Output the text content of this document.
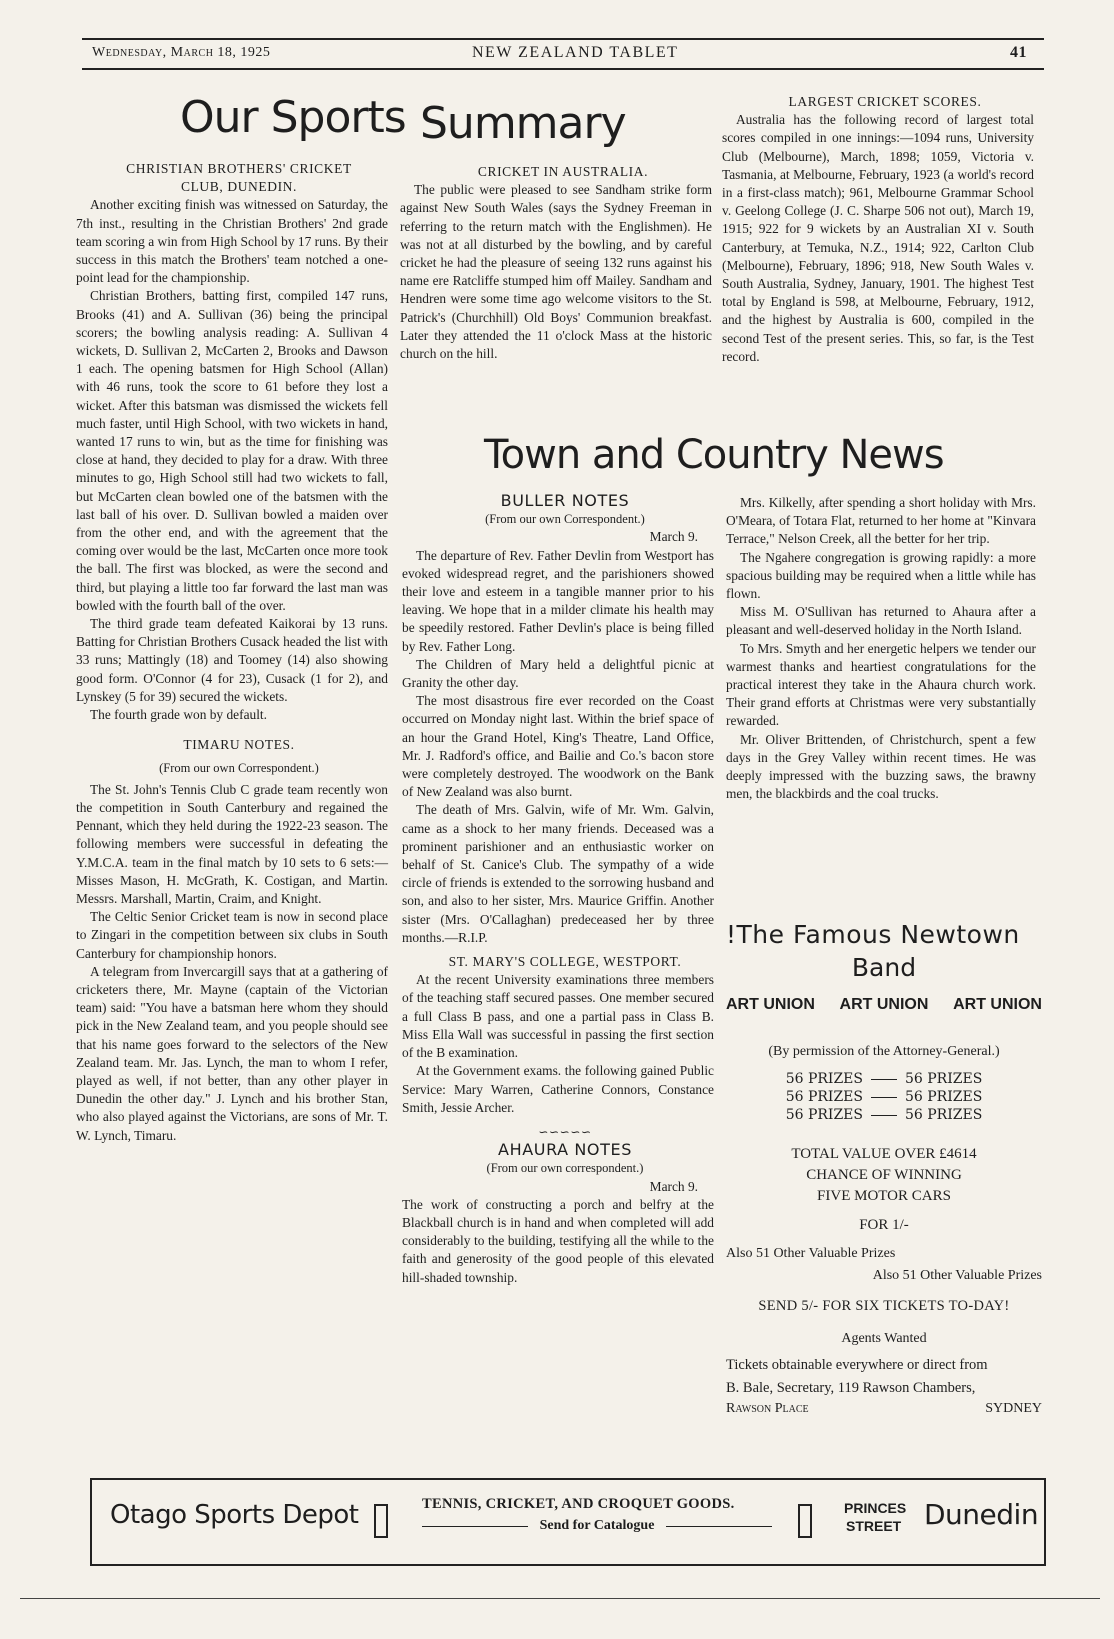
Wednesday, March 18, 1925	NEW ZEALAND TABLET	41
Our Sports Summary

CHRISTIAN BROTHERS' CRICKET

CLUB, DUNEDIN.

Another exciting finish was witnessed on Saturday, the 7th inst., resulting in the Christian Brothers' 2nd grade team scoring a win from High School by 17 runs. By their success in this match the Brothers' team notched a one-point lead for the championship.

Christian Brothers, batting first, compiled 147 runs, Brooks (41) and A. Sullivan (36) being the principal scorers; the bowling analysis reading: A. Sullivan 4 wickets, D. Sullivan 2, McCarten 2, Brooks and Dawson 1 each. The opening batsmen for High School (Allan) with 46 runs, took the score to 61 before they lost a wicket. After this batsman was dismissed the wickets fell much faster, until High School, with two wickets in hand, wanted 17 runs to win, but as the time for finishing was close at hand, they decided to play for a draw. With three minutes to go, High School still had two wickets to fall, but McCarten clean bowled one of the batsmen with the last ball of his over. D. Sullivan bowled a maiden over from the other end, and with the agreement that the coming over would be the last, McCarten once more took the ball. The first was blocked, as were the second and third, but playing a little too far forward the last man was bowled with the fourth ball of the over.

The third grade team defeated Kaikorai by 13 runs. Batting for Christian Brothers Cusack headed the list with 33 runs; Mattingly (18) and Toomey (14) also showing good form. O'Connor (4 for 23), Cusack (1 for 2), and Lynskey (5 for 39) secured the wickets.

The fourth grade won by default.

TIMARU NOTES.

(From our own Correspondent.)

The St. John's Tennis Club C grade team recently won the competition in South Canterbury and regained the Pennant, which they held during the 1922-23 season. The following members were successful in defeating the Y.M.C.A. team in the final match by 10 sets to 6 sets:—Misses Mason, H. McGrath, K. Costigan, and Martin. Messrs. Marshall, Martin, Craim, and Knight.

The Celtic Senior Cricket team is now in second place to Zingari in the competition between six clubs in South Canterbury for championship honors.

A telegram from Invercargill says that at a gathering of cricketers there, Mr. Mayne (captain of the Victorian team) said: "You have a batsman here whom they should pick in the New Zealand team, and you people should see that his name goes forward to the selectors of the New Zealand team. Mr. Jas. Lynch, the man to whom I refer, played as well, if not better, than any other player in Dunedin the other day." J. Lynch and his brother Stan, who also played against the Victorians, are sons of Mr. T. W. Lynch, Timaru.

CRICKET IN AUSTRALIA.

The public were pleased to see Sandham strike form against New South Wales (says the Sydney Freeman in referring to the return match with the Englishmen). He was not at all disturbed by the bowling, and by careful cricket he had the pleasure of seeing 132 runs against his name ere Ratcliffe stumped him off Mailey. Sandham and Hendren were some time ago welcome visitors to the St. Patrick's (Churchhill) Old Boys' Communion breakfast. Later they attended the 11 o'clock Mass at the historic church on the hill.

LARGEST CRICKET SCORES.

Australia has the following record of largest total scores compiled in one innings:—1094 runs, University Club (Melbourne), March, 1898; 1059, Victoria v. Tasmania, at Melbourne, February, 1923 (a world's record in a first-class match); 961, Melbourne Grammar School v. Geelong College (J. C. Sharpe 506 not out), March 19, 1915; 922 for 9 wickets by an Australian XI v. South Canterbury, at Temuka, N.Z., 1914; 922, Carlton Club (Melbourne), February, 1896; 918, New South Wales v. South Australia, Sydney, January, 1901. The highest Test total by England is 598, at Melbourne, February, 1912, and the highest by Australia is 600, compiled in the second Test of the present series. This, so far, is the Test record.

Town and Country News

BULLER NOTES

(From our own Correspondent.)

March 9.

The departure of Rev. Father Devlin from Westport has evoked widespread regret, and the parishioners showed their love and esteem in a tangible manner prior to his leaving. We hope that in a milder climate his health may be speedily restored. Father Devlin's place is being filled by Rev. Father Long.

The Children of Mary held a delightful picnic at Granity the other day.

The most disastrous fire ever recorded on the Coast occurred on Monday night last. Within the brief space of an hour the Grand Hotel, King's Theatre, Land Office, Mr. J. Radford's office, and Bailie and Co.'s bacon store were completely destroyed. The woodwork on the Bank of New Zealand was also burnt.

The death of Mrs. Galvin, wife of Mr. Wm. Galvin, came as a shock to her many friends. Deceased was a prominent parishioner and an enthusiastic worker on behalf of St. Canice's Club. The sympathy of a wide circle of friends is extended to the sorrowing husband and son, and also to her sister, Mrs. Maurice Griffin. Another sister (Mrs. O'Callaghan) predeceased her by three months.—R.I.P.

ST. MARY'S COLLEGE, WESTPORT.

At the recent University examinations three members of the teaching staff secured passes. One member secured a full Class B pass, and one a partial pass in Class B. Miss Ella Wall was successful in passing the first section of the B examination.

At the Government exams. the following gained Public Service: Mary Warren, Catherine Connors, Constance Smith, Jessie Archer.

∽∽∽∽∽

AHAURA NOTES

(From our own correspondent.)

March 9.

The work of constructing a porch and belfry at the Blackball church is in hand and when completed will add considerably to the building, testifying all the while to the faith and generosity of the good people of this elevated hill-shaded township.

Mrs. Kilkelly, after spending a short holiday with Mrs. O'Meara, of Totara Flat, returned to her home at "Kinvara Terrace," Nelson Creek, all the better for her trip.

The Ngahere congregation is growing rapidly: a more spacious building may be required when a little while has flown.

Miss M. O'Sullivan has returned to Ahaura after a pleasant and well-deserved holiday in the North Island.

To Mrs. Smyth and her energetic helpers we tender our warmest thanks and heartiest congratulations for the practical interest they take in the Ahaura church work. Their grand efforts at Christmas were very substantially rewarded.

Mr. Oliver Brittenden, of Christchurch, spent a few days in the Grey Valley within recent times. He was deeply impressed with the buzzing saws, the brawny men, the blackbirds and the coal trucks.

!The Famous Newtown
Band
ART UNION ART UNION ART UNION
(By permission of the Attorney-General.)
56 PRIZES	56 PRIZES
56 PRIZES	56 PRIZES
56 PRIZES	56 PRIZES
TOTAL VALUE OVER £4614
CHANCE OF WINNING
FIVE MOTOR CARS
FOR 1/-
Also 51 Other Valuable Prizes
Also 51 Other Valuable Prizes
SEND 5/- FOR SIX TICKETS TO-DAY!
Agents Wanted
Tickets obtainable everywhere or direct from
B. Bale, Secretary, 119 Rawson Chambers,
Rawson Place	SYDNEY
Otago Sports Depot	TENNIS, CRICKET, AND CROQUET GOODS.
Send for Catalogue
PRINCES
STREET Dunedin
